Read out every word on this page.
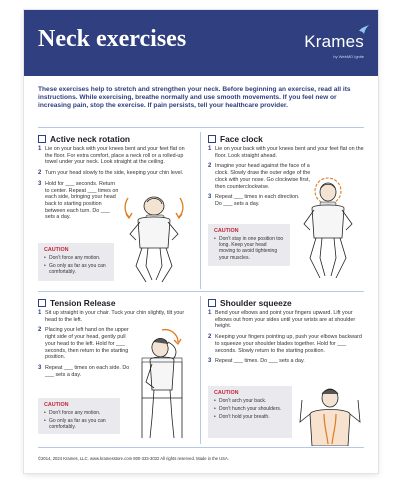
Neck exercises	Krames
by WebMD Ignite
These exercises help to stretch and strengthen your neck. Before beginning an exercise, read all its instructions. While exercising, breathe normally and use smooth movements. If you feel new or increasing pain, stop the exercise. If pain persists, tell your healthcare provider.
Active neck rotation
1 Lie on your back with your knees bent and your feet flat on the floor. For extra comfort, place a neck roll or a rolled-up towel under your neck. Look straight at the ceiling.
2 Turn your head slowly to the side, keeping your chin level.
3 Hold for ___ seconds. Return to center. Repeat ___ times on each side, bringing your head back to starting position between each turn. Do ___ sets a day.
CAUTION
• Don’t force any motion.
• Go only as far as you can comfortably.
Face clock
1 Lie on your back with your knees bent and your feet flat on the floor. Look straight ahead.
2 Imagine your head against the face of a clock. Slowly draw the outer edge of the clock with your nose. Go clockwise first, then counterclockwise.
3 Repeat ___ times in each direction. Do ___ sets a day.
CAUTION
• Don’t stay in one position too long. Keep your head moving to avoid tightening your muscles.
Tension Release
1 Sit up straight in your chair. Tuck your chin slightly, tilt your head to the left.
2 Placing your left hand on the upper right side of your head, gently pull your head to the left. Hold for ___ seconds, then return to the starting position.
3 Repeat ___ times on each side. Do ___ sets a day.
CAUTION
• Don’t force any motion.
• Go only as far as you can comfortably.
Shoulder squeeze
1 Bend your elbows and point your fingers upward. Lift your elbows out from your sides until your wrists are at shoulder height.
2 Keeping your fingers pointing up, push your elbows backward to squeeze your shoulder blades together. Hold for ___ seconds. Slowly return to the starting position.
3 Repeat ___ times. Do ___ sets a day.
CAUTION
• Don’t arch your back.
• Don’t hunch your shoulders.
• Don’t hold your breath.
©2014, 2024 Krames, LLC. www.kramesstore.com 800-333-3032 All rights reserved. Made in the USA.
